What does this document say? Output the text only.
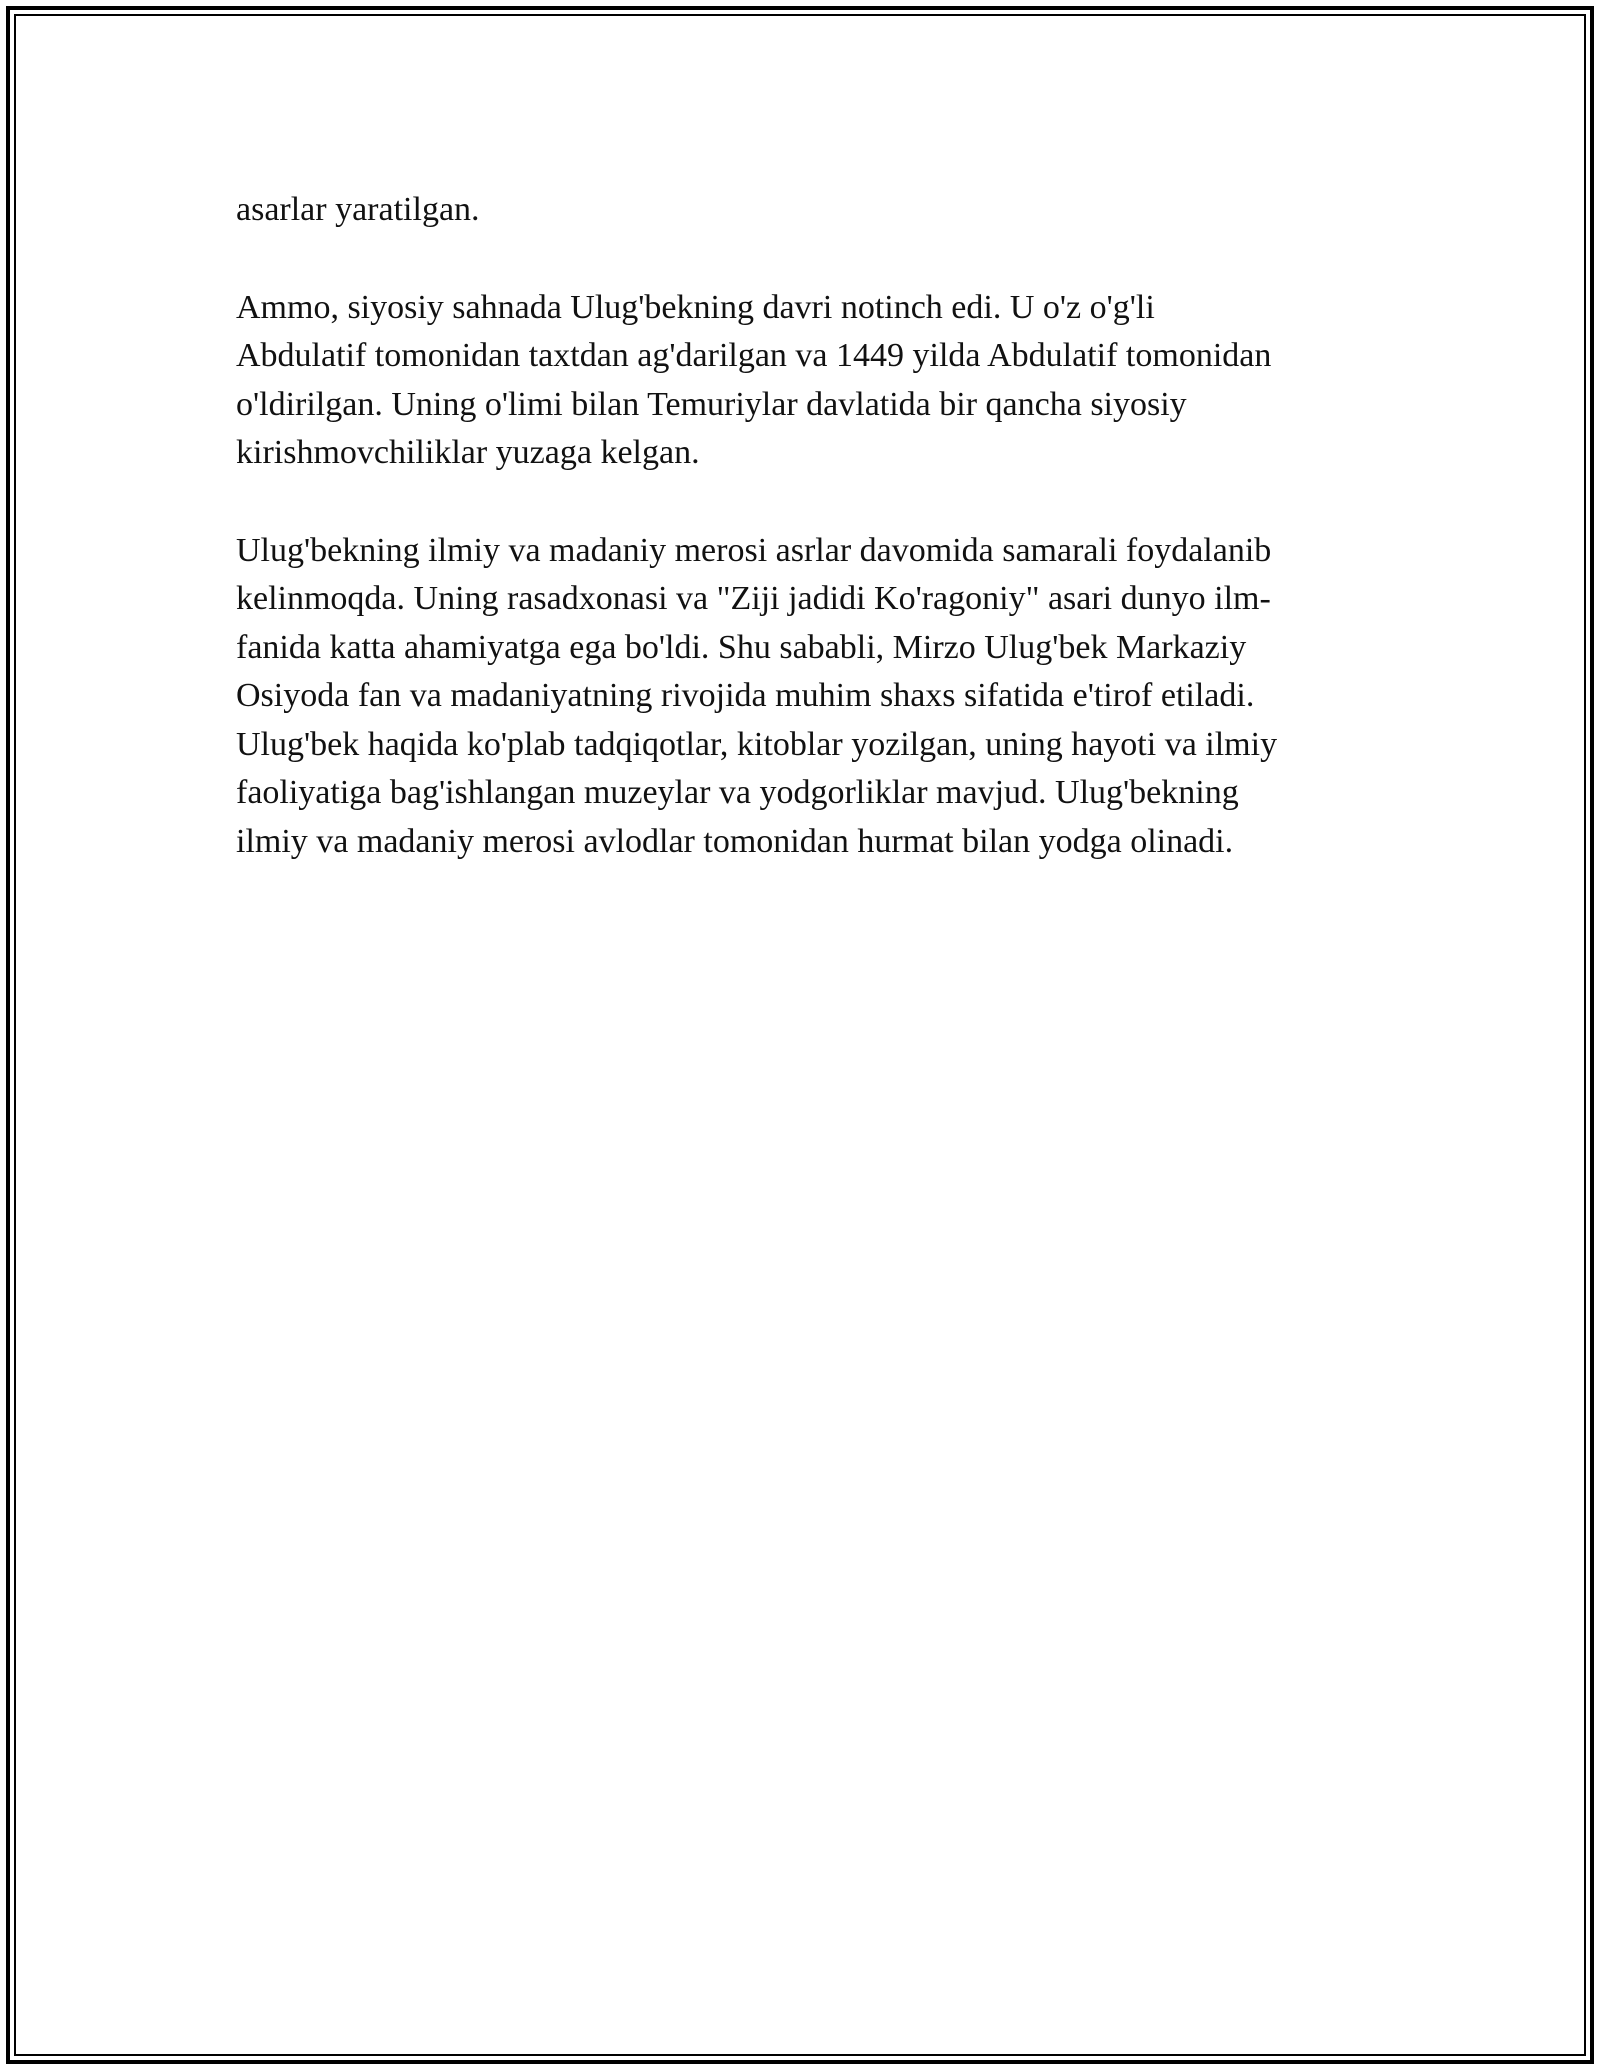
asarlar yaratilgan.

Ammo, siyosiy sahnada Ulug'bekning davri notinch edi. U o'z o'g'li
Abdulatif tomonidan taxtdan ag'darilgan va 1449 yilda Abdulatif tomonidan
o'ldirilgan. Uning o'limi bilan Temuriylar davlatida bir qancha siyosiy
kirishmovchiliklar yuzaga kelgan.

Ulug'bekning ilmiy va madaniy merosi asrlar davomida samarali foydalanib
kelinmoqda. Uning rasadxonasi va "Ziji jadidi Ko'ragoniy" asari dunyo ilm-
fanida katta ahamiyatga ega bo'ldi. Shu sababli, Mirzo Ulug'bek Markaziy
Osiyoda fan va madaniyatning rivojida muhim shaxs sifatida e'tirof etiladi.
Ulug'bek haqida ko'plab tadqiqotlar, kitoblar yozilgan, uning hayoti va ilmiy
faoliyatiga bag'ishlangan muzeylar va yodgorliklar mavjud. Ulug'bekning
ilmiy va madaniy merosi avlodlar tomonidan hurmat bilan yodga olinadi.
